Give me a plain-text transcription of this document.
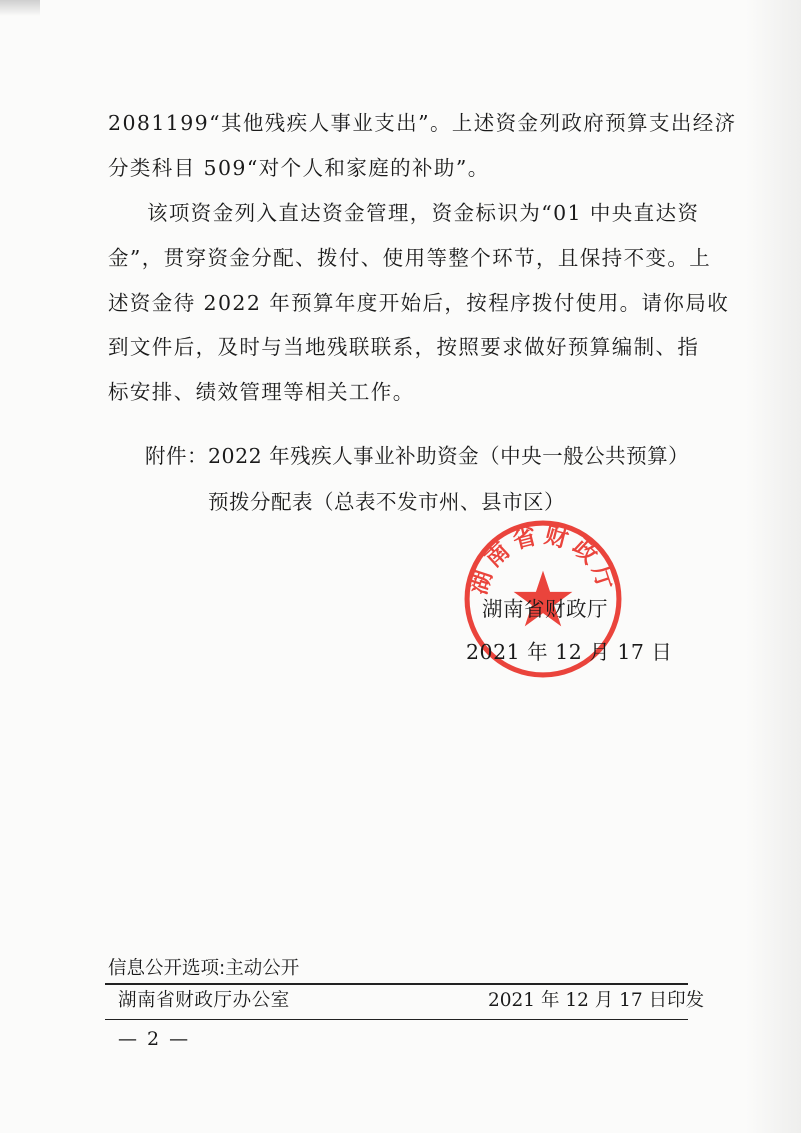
2081199“其他残疾人事业支出”。上述资金列政府预算支出经济
分类科目 509“对个人和家庭的补助”。
该项资金列入直达资金管理，资金标识为“01 中央直达资
金”，贯穿资金分配、拨付、使用等整个环节，且保持不变。上
述资金待 2022 年预算年度开始后，按程序拨付使用。请你局收
到文件后，及时与当地残联联系，按照要求做好预算编制、指
标安排、绩效管理等相关工作。
附件：2022 年残疾人事业补助资金（中央一般公共预算）
预拨分配表（总表不发市州、县市区）
湖南省财政厅
湖南省财政厅
2021 年 12 月 17 日
信息公开选项:主动公开
湖南省财政厅办公室	2021 年 12 月 17 日印发
— 2 —
